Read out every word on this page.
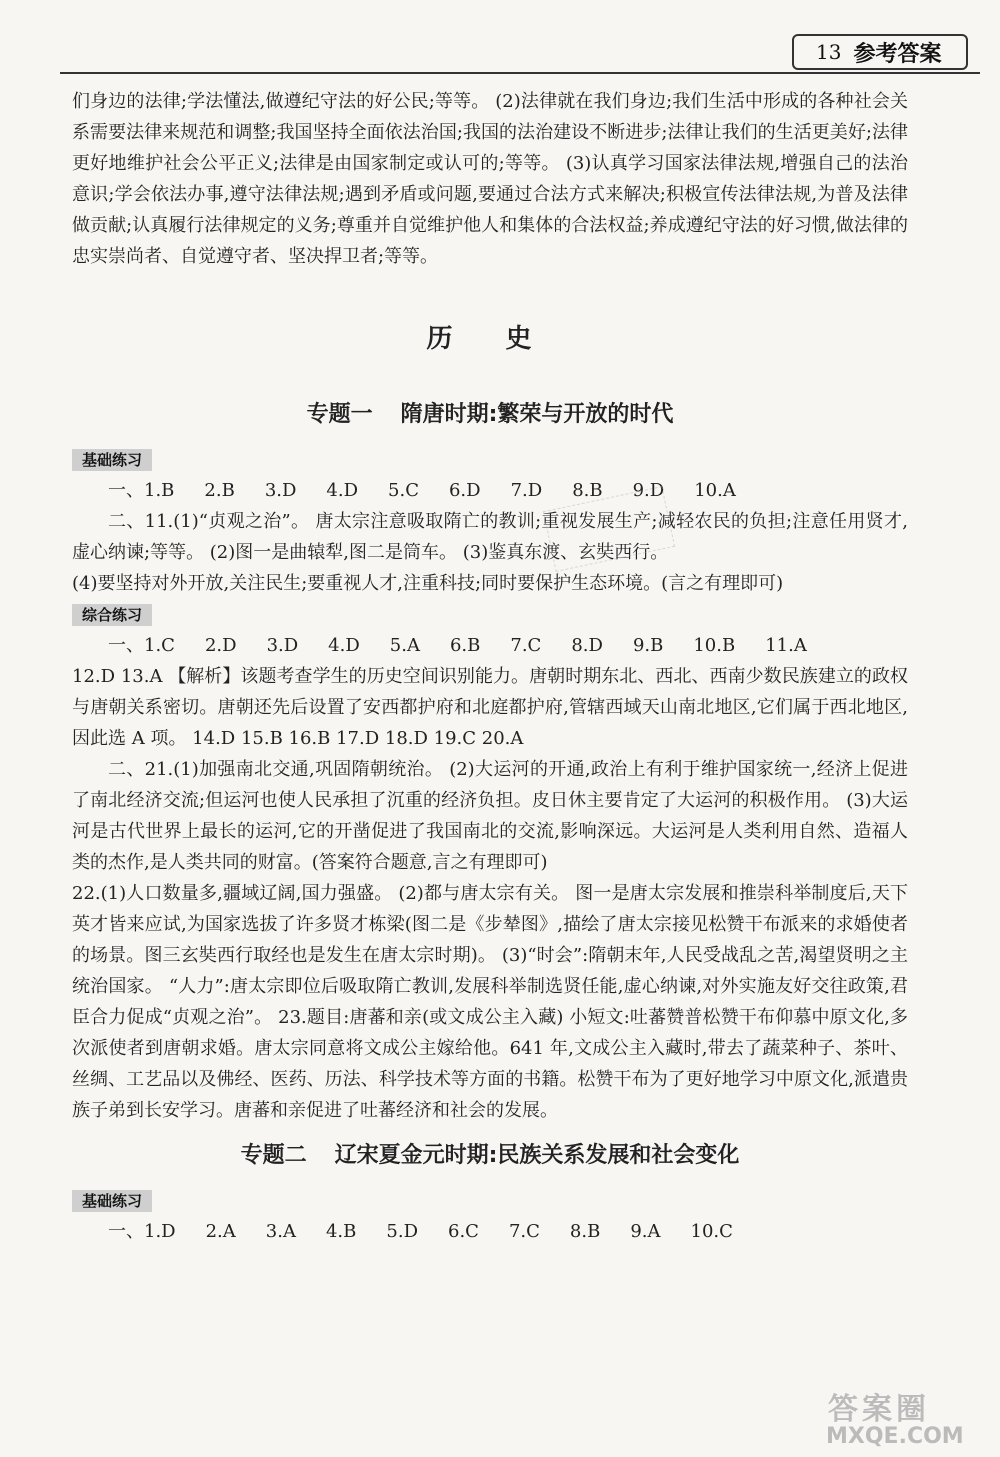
13 参考答案

们身边的法律;学法懂法,做遵纪守法的好公民;等等。 (2)法律就在我们身边;我们生活中形成的各种社会关系需要法律来规范和调整;我国坚持全面依法治国;我国的法治建设不断进步;法律让我们的生活更美好;法律更好地维护社会公平正义;法律是由国家制定或认可的;等等。 (3)认真学习国家法律法规,增强自己的法治意识;学会依法办事,遵守法律法规;遇到矛盾或问题,要通过合法方式来解决;积极宣传法律法规,为普及法律做贡献;认真履行法律规定的义务;尊重并自觉维护他人和集体的合法权益;养成遵纪守法的好习惯,做法律的忠实崇尚者、自觉遵守者、坚决捍卫者;等等。

历 史
专题一 隋唐时期:繁荣与开放的时代
基础练习
一、1.B 2.B 3.D 4.D 5.C 6.D 7.D 8.B 9.D 10.A

二、11.(1)“贞观之治”。 唐太宗注意吸取隋亡的教训;重视发展生产;减轻农民的负担;注意任用贤才,虚心纳谏;等等。 (2)图一是曲辕犁,图二是筒车。 (3)鉴真东渡、玄奘西行。

(4)要坚持对外开放,关注民生;要重视人才,注重科技;同时要保护生态环境。(言之有理即可)

综合练习
一、1.C 2.D 3.D 4.D 5.A 6.B 7.C 8.D 9.B 10.B 11.A

12.D 13.A 【解析】该题考查学生的历史空间识别能力。唐朝时期东北、西北、西南少数民族建立的政权与唐朝关系密切。唐朝还先后设置了安西都护府和北庭都护府,管辖西域天山南北地区,它们属于西北地区,因此选 A 项。 14.D 15.B 16.B 17.D 18.D 19.C 20.A

二、21.(1)加强南北交通,巩固隋朝统治。 (2)大运河的开通,政治上有利于维护国家统一,经济上促进了南北经济交流;但运河也使人民承担了沉重的经济负担。皮日休主要肯定了大运河的积极作用。 (3)大运河是古代世界上最长的运河,它的开凿促进了我国南北的交流,影响深远。大运河是人类利用自然、造福人类的杰作,是人类共同的财富。(答案符合题意,言之有理即可)

22.(1)人口数量多,疆域辽阔,国力强盛。 (2)都与唐太宗有关。 图一是唐太宗发展和推崇科举制度后,天下英才皆来应试,为国家选拔了许多贤才栋梁(图二是《步辇图》,描绘了唐太宗接见松赞干布派来的求婚使者的场景。图三玄奘西行取经也是发生在唐太宗时期)。 (3)“时会”:隋朝末年,人民受战乱之苦,渴望贤明之主统治国家。 “人力”:唐太宗即位后吸取隋亡教训,发展科举制选贤任能,虚心纳谏,对外实施友好交往政策,君臣合力促成“贞观之治”。 23.题目:唐蕃和亲(或文成公主入藏) 小短文:吐蕃赞普松赞干布仰慕中原文化,多次派使者到唐朝求婚。唐太宗同意将文成公主嫁给他。641 年,文成公主入藏时,带去了蔬菜种子、茶叶、丝绸、工艺品以及佛经、医药、历法、科学技术等方面的书籍。松赞干布为了更好地学习中原文化,派遣贵族子弟到长安学习。唐蕃和亲促进了吐蕃经济和社会的发展。

专题二 辽宋夏金元时期:民族关系发展和社会变化
基础练习
一、1.D 2.A 3.A 4.B 5.D 6.C 7.C 8.B 9.A 10.C
答案圈
MXQE.COM
